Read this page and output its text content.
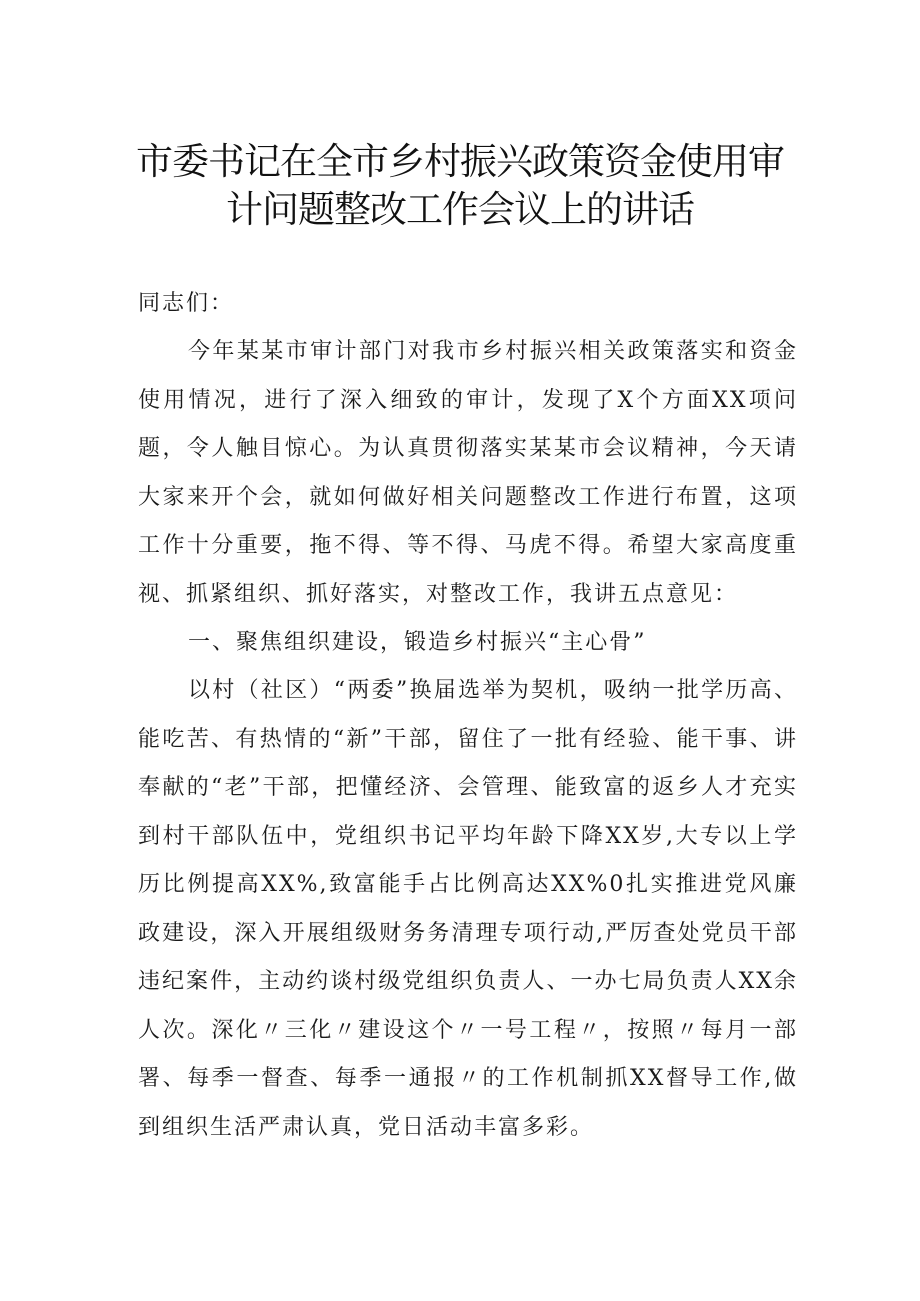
市委书记在全市乡村振兴政策资金使用审
计问题整改工作会议上的讲话

同志们：

今年某某市审计部门对我市乡村振兴相关政策落实和资金使用情况，进行了深入细致的审计，发现了X个方面XX项问题，令人触目惊心。为认真贯彻落实某某市会议精神，今天请大家来开个会，就如何做好相关问题整改工作进行布置，这项工作十分重要，拖不得、等不得、马虎不得。希望大家高度重视、抓紧组织、抓好落实，对整改工作，我讲五点意见：

一、聚焦组织建设，锻造乡村振兴“主心骨”

以村（社区）“两委”换届选举为契机，吸纳一批学历高、能吃苦、有热情的“新”干部，留住了一批有经验、能干事、讲奉献的“老”干部，把懂经济、会管理、能致富的返乡人才充实到村干部队伍中，党组织书记平均年龄下降XX岁,大专以上学历比例提高XX%,致富能手占比例高达XX%0扎实推进党风廉政建设，深入开展组级财务务清理专项行动,严厉查处党员干部违纪案件，主动约谈村级党组织负责人、一办七局负责人XX余人次。深化〃三化〃建设这个〃一号工程〃，按照〃每月一部署、每季一督查、每季一通报〃的工作机制抓XX督导工作,做到组织生活严肃认真，党日活动丰富多彩。
